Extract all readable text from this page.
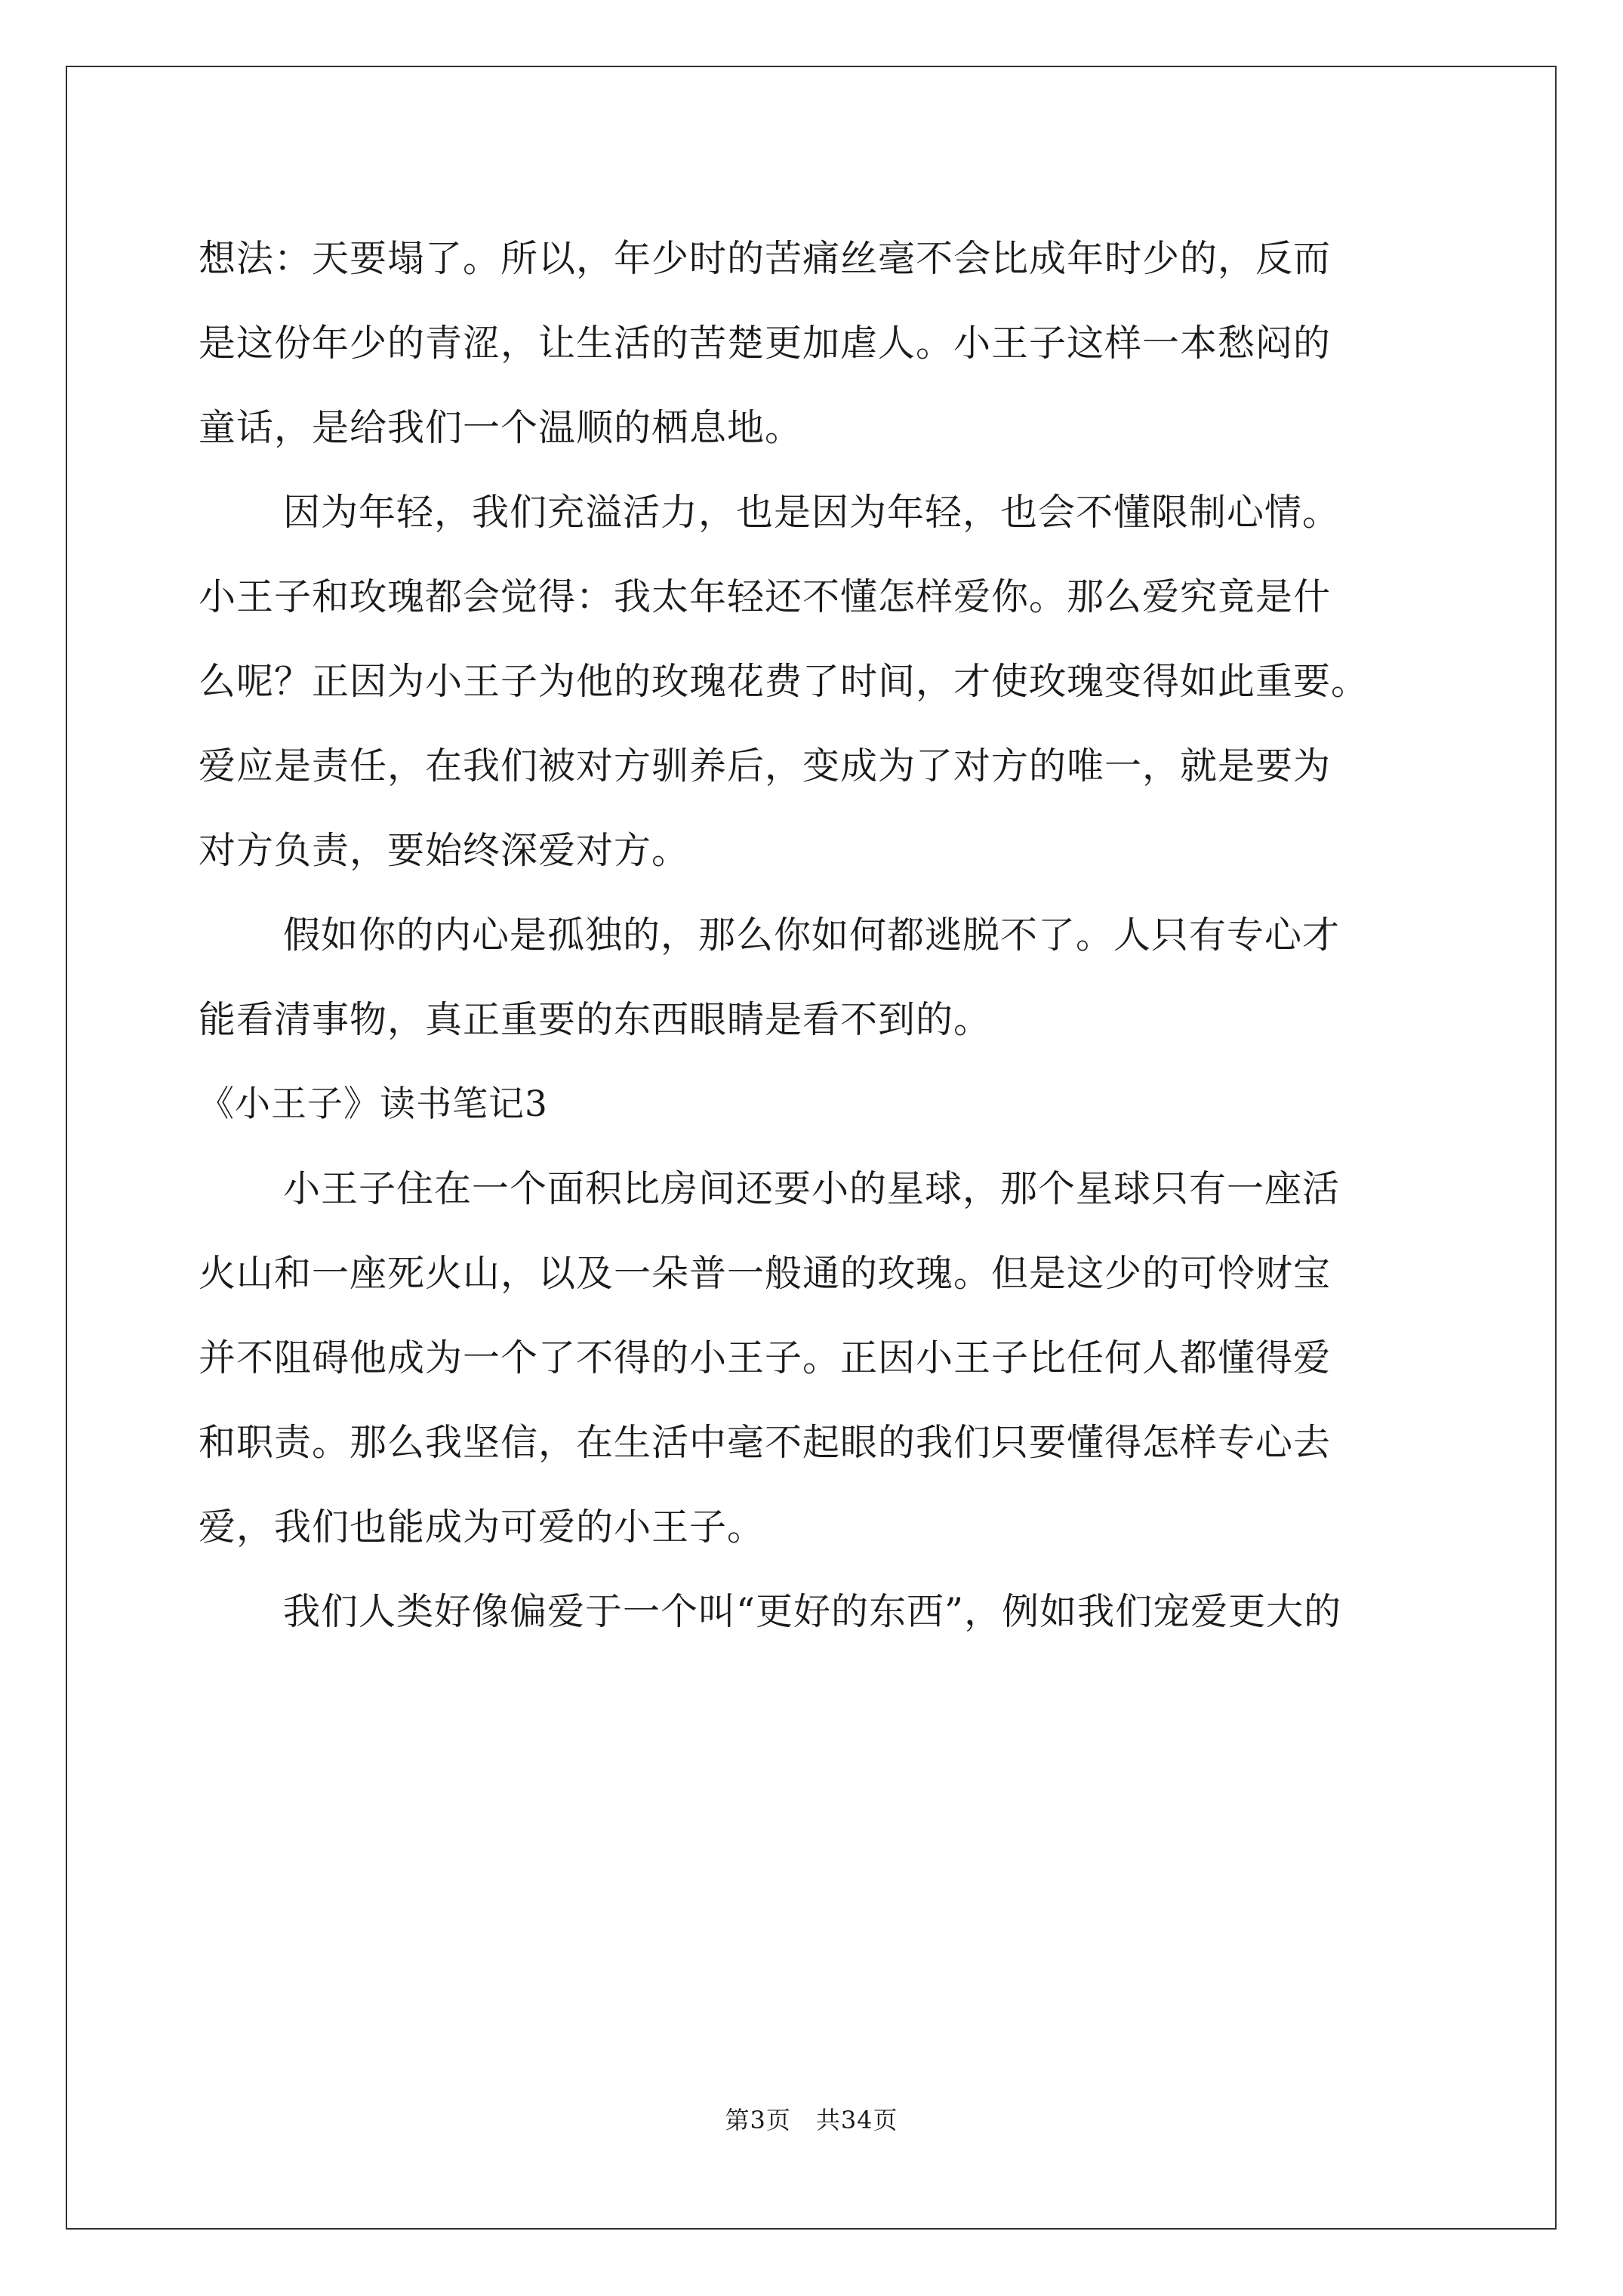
想法：天要塌了。所以，年少时的苦痛丝毫不会比成年时少的，反而
是这份年少的青涩，让生活的苦楚更加虐人。小王子这样一本愁闷的
童话，是给我们一个温顺的栖息地。
因为年轻，我们充溢活力，也是因为年轻，也会不懂限制心情。
小王子和玫瑰都会觉得：我太年轻还不懂怎样爱你。那么爱究竟是什
么呢？正因为小王子为他的玫瑰花费了时间，才使玫瑰变得如此重要。
爱应是责任，在我们被对方驯养后，变成为了对方的唯一，就是要为
对方负责，要始终深爱对方。
假如你的内心是孤独的，那么你如何都逃脱不了。人只有专心才
能看清事物，真正重要的东西眼睛是看不到的。
《小王子》读书笔记3
小王子住在一个面积比房间还要小的星球，那个星球只有一座活
火山和一座死火山，以及一朵普一般通的玫瑰。但是这少的可怜财宝
并不阻碍他成为一个了不得的小王子。正因小王子比任何人都懂得爱
和职责。那么我坚信，在生活中毫不起眼的我们只要懂得怎样专心去
爱，我们也能成为可爱的小王子。
我们人类好像偏爱于一个叫“更好的东西”，例如我们宠爱更大的
第3页　共34页
